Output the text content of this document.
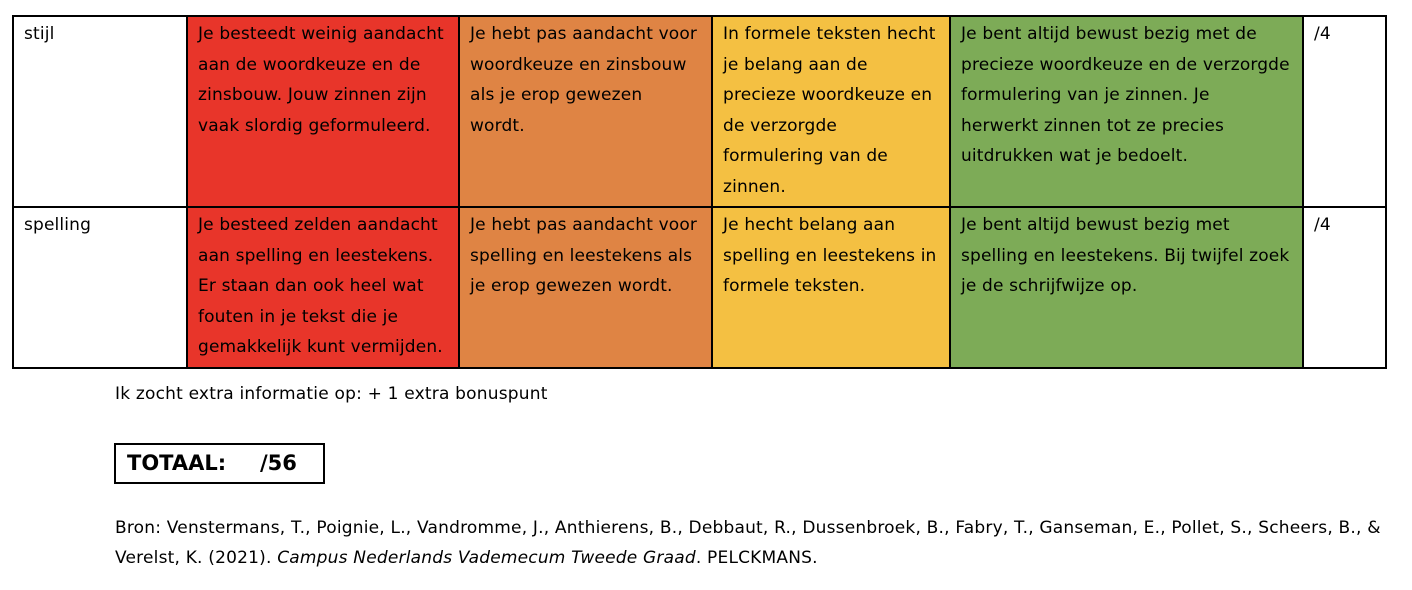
stijl	Je besteedt weinig aandacht aan de woordkeuze en de zinsbouw. Jouw zinnen zijn vaak slordig geformuleerd.	Je hebt pas aandacht voor woordkeuze en zinsbouw als je erop gewezen wordt.	In formele teksten hecht je belang aan de precieze woordkeuze en de verzorgde formulering van de zinnen.	Je bent altijd bewust bezig met de precieze woordkeuze en de verzorgde formulering van je zinnen. Je herwerkt zinnen tot ze precies uitdrukken wat je bedoelt.	/4
spelling	Je besteed zelden aandacht aan spelling en leestekens. Er staan dan ook heel wat fouten in je tekst die je gemakkelijk kunt vermijden.	Je hebt pas aandacht voor spelling en leestekens als je erop gewezen wordt.	Je hecht belang aan spelling en leestekens in formele teksten.	Je bent altijd bewust bezig met spelling en leestekens. Bij twijfel zoek je de schrijfwijze op.	/4
Ik zocht extra informatie op: + 1 extra bonuspunt
TOTAAL: /56
Bron: Venstermans, T., Poignie, L., Vandromme, J., Anthierens, B., Debbaut, R., Dussenbroek, B., Fabry, T., Ganseman, E., Pollet, S., Scheers, B., & Verelst, K. (2021). Campus Nederlands Vademecum Tweede Graad. PELCKMANS.
